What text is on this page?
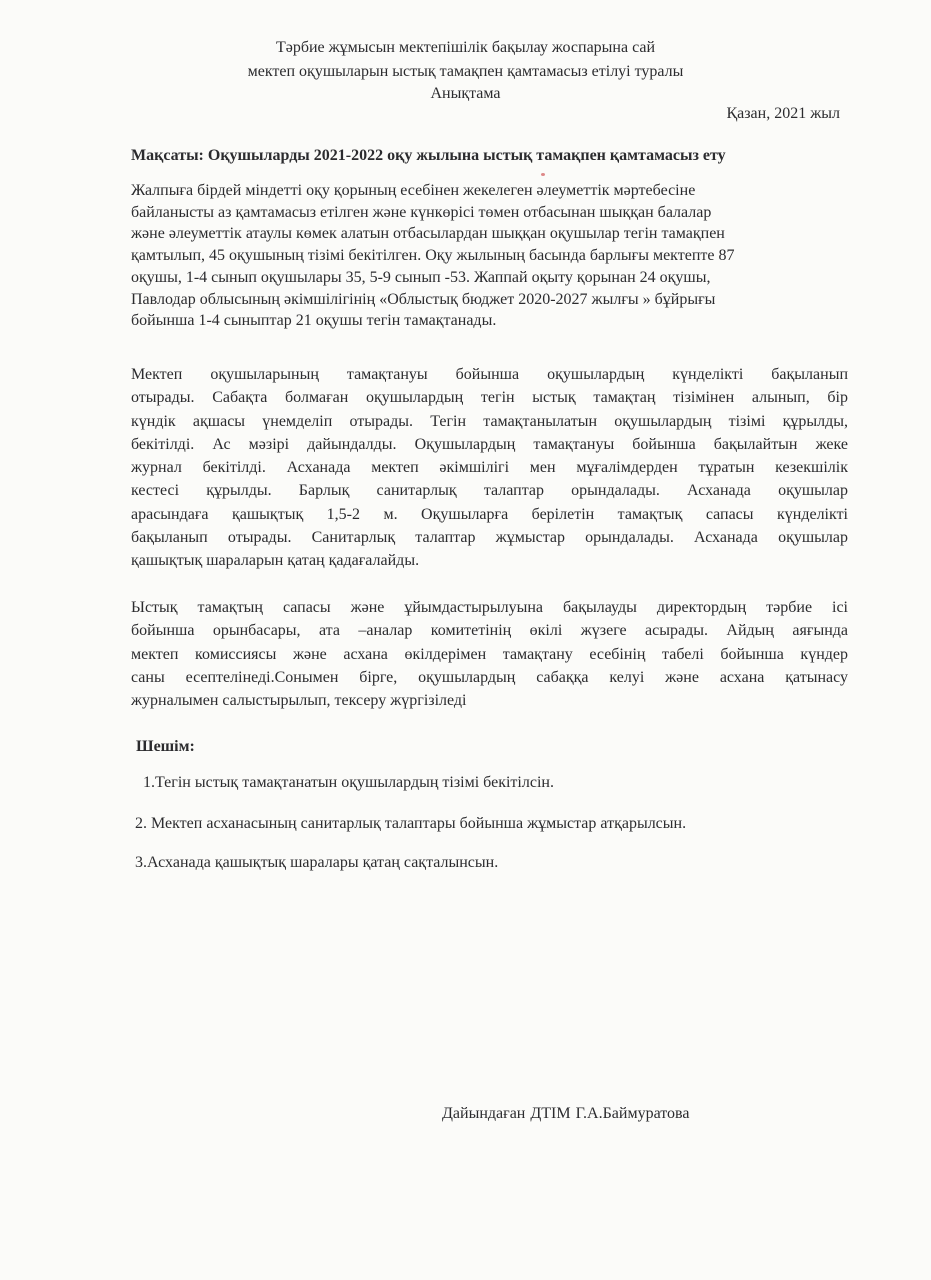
Тәрбие жұмысын мектепішілік бақылау жоспарына сай
мектеп оқушыларын ыстық тамақпен қамтамасыз етілуі туралы
Анықтама
Қазан, 2021 жыл
Мақсаты: Оқушыларды 2021-2022 оқу жылына ыстық тамақпен қамтамасыз ету
Жалпыға бірдей міндетті оқу қорының есебінен жекелеген әлеуметтік мәртебесіне
байланысты аз қамтамасыз етілген және күнкөрісі төмен отбасынан шыққан балалар
және әлеуметтік атаулы көмек алатын отбасылардан шыққан оқушылар тегін тамақпен
қамтылып, 45 оқушының тізімі бекітілген. Оқу жылының басында барлығы мектепте 87
оқушы, 1-4 сынып оқушылары 35, 5-9 сынып -53. Жаппай оқыту қорынан 24 оқушы,
Павлодар облысының әкімшілігінің «Облыстық бюджет 2020-2027 жылғы » бұйрығы
бойынша 1-4 сыныптар 21 оқушы тегін тамақтанады.
Мектеп оқушыларының тамақтануы бойынша оқушылардың күнделікті бақыланып
отырады. Сабақта болмаған оқушылардың тегін ыстық тамақтаң тізімінен алынып, бір
күндік ақшасы үнемделіп отырады. Тегін тамақтанылатын оқушылардың тізімі құрылды,
бекітілді. Ас мәзірі дайындалды. Оқушылардың тамақтануы бойынша бақылайтын жеке
журнал бекітілді. Асханада мектеп әкімшілігі мен мұғалімдерден тұратын кезекшілік
кестесі құрылды. Барлық санитарлық талаптар орындалады. Асханада оқушылар
арасындаға қашықтық 1,5-2 м. Оқушыларға берілетін тамақтық сапасы күнделікті
бақыланып отырады. Санитарлық талаптар жұмыстар орындалады. Асханада оқушылар
қашықтық шараларын қатаң қадағалайды.
Ыстық тамақтың сапасы және ұйымдастырылуына бақылауды директордың тәрбие ісі
бойынша орынбасары, ата –аналар комитетінің өкілі жүзеге асырады. Айдың аяғында
мектеп комиссиясы және асхана өкілдерімен тамақтану есебінің табелі бойынша күндер
саны есептелінеді.Сонымен бірге, оқушылардың сабаққа келуі және асхана қатынасу
журналымен салыстырылып, тексеру жүргізіледі
Шешім:
1.Тегін ыстық тамақтанатын оқушылардың тізімі бекітілсін.
2. Мектеп асханасының санитарлық талаптары бойынша жұмыстар атқарылсын.
3.Асханада қашықтық шаралары қатаң сақталынсын.
Дайындаған ДТІМ Г.А.Баймуратова
